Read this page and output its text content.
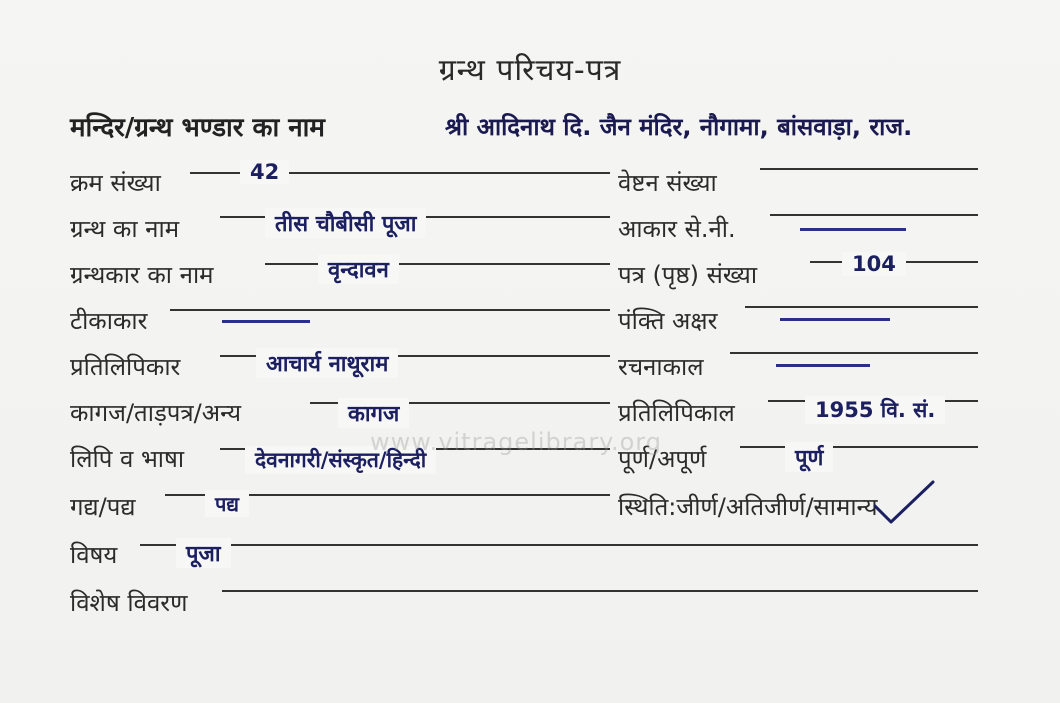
ग्रन्थ परिचय-पत्र
मन्दिर/ग्रन्थ भण्डार का नाम	श्री आदिनाथ दि. जैन मंदिर, नौगामा, बांसवाड़ा, राज.
क्रम संख्या	42
ग्रन्थ का नाम	तीस चौबीसी पूजा
ग्रन्थकार का नाम	वृन्दावन
टीकाकार
प्रतिलिपिकार	आचार्य नाथूराम
कागज/ताड़पत्र/अन्य	कागज
लिपि व भाषा	देवनागरी/संस्कृत/हिन्दी
गद्य/पद्य	पद्य
विषय	पूजा
विशेष विवरण
वेष्टन संख्या
आकार से.नी.
पत्र (पृष्ठ) संख्या	104
पंक्ति अक्षर
रचनाकाल
प्रतिलिपिकाल	1955 वि. सं.
पूर्ण/अपूर्ण	पूर्ण
स्थिति:जीर्ण/अतिजीर्ण/सामान्य
www.vitragelibrary.org
